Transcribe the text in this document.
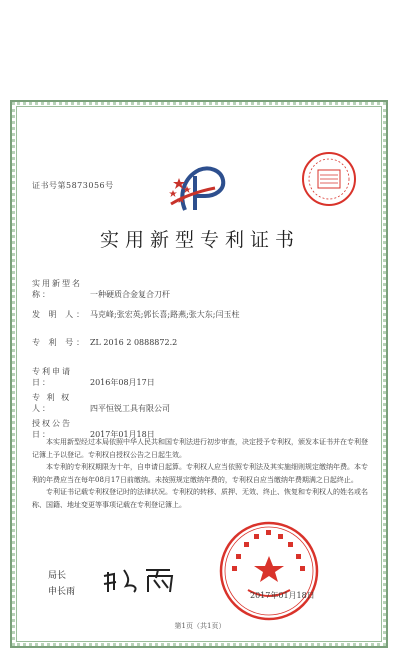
证书号第5873056号
实用新型专利证书
实用新型名称：	一种硬质合金复合刀杆
发 明 人： 马克峰;张宏英;郭长喜;路燕;张大东;闫玉柱
专 利 号： ZL 2016 2 0888872.2
专利申请日：	2016年08月17日
专 利 权 人：	四平恒锐工具有限公司
授权公告日：	2017年01月18日

本实用新型经过本局依照中华人民共和国专利法进行初步审查，决定授予专利权，颁发本证书并在专利登记簿上予以登记。专利权自授权公告之日起生效。

本专利的专利权期限为十年，自申请日起算。专利权人应当依照专利法及其实施细则规定缴纳年费。本专利的年费应当在每年08月17日前缴纳。未按照规定缴纳年费的，专利权自应当缴纳年费期满之日起终止。

专利证书记载专利权登记时的法律状况。专利权的转移、质押、无效、终止、恢复和专利权人的姓名或名称、国籍、地址变更等事项记载在专利登记簿上。

局长
申长雨	2017年01月18日
第1页（共1页）
